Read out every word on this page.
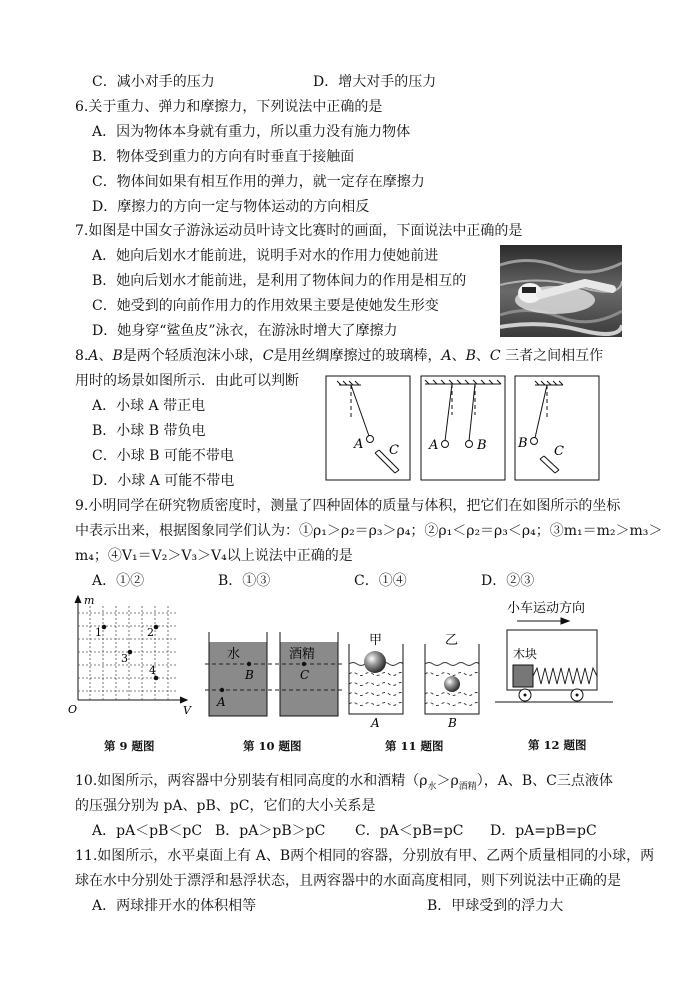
C．减小对手的压力	D．增大对手的压力
6.关于重力、弹力和摩擦力，下列说法中正确的是
A．因为物体本身就有重力，所以重力没有施力物体
B．物体受到重力的方向有时垂直于接触面
C．物体间如果有相互作用的弹力，就一定存在摩擦力
D．摩擦力的方向一定与物体运动的方向相反
7.如图是中国女子游泳运动员叶诗文比赛时的画面，下面说法中正确的是
A．她向后划水才能前进，说明手对水的作用力使她前进
B．她向后划水才能前进，是利用了物体间力的作用是相互的
C．她受到的向前作用力的作用效果主要是使她发生形变
D．她身穿“鲨鱼皮”泳衣，在游泳时增大了摩擦力
8.A、B是两个轻质泡沫小球，C是用丝绸摩擦过的玻璃棒，A、B、C 三者之间相互作
用时的场景如图所示．由此可以判断
A．小球 A 带正电
B．小球 B 带负电
C．小球 B 可能不带电
D．小球 A 可能不带电
A C A	B B
C
9.小明同学在研究物质密度时，测量了四种固体的质量与体积，把它们在如图所示的坐标
中表示出来，根据图象同学们认为：①ρ₁＞ρ₂＝ρ₃＞ρ₄；②ρ₁＜ρ₂＝ρ₃＜ρ₄；③m₁＝m₂＞m₃＞
m₄；④V₁＝V₂＞V₃＞V₄以上说法中正确的是
A．①②	B．①③	C．①④	D．②③
m
V
O
1	2
3
4
第 9 题图
水	酒精
B	C
A
第 10 题图
甲	乙
A	B
第 11 题图
小车运动方向
木块
第 12 题图
10.如图所示，两容器中分别装有相同高度的水和酒精$(\rho_水>\rho_{酒精})$，A、B、C三点液体
的压强分别为 pA、pB、pC，它们的大小关系是
A．pA＜pB＜pC B．pA＞pB＞pC C．pA＜pB=pC D．pA=pB=pC
11.如图所示，水平桌面上有 A、B两个相同的容器，分别放有甲、乙两个质量相同的小球，两
球在水中分别处于漂浮和悬浮状态，且两容器中的水面高度相同，则下列说法中正确的是
A．两球排开水的体积相等	B．甲球受到的浮力大
